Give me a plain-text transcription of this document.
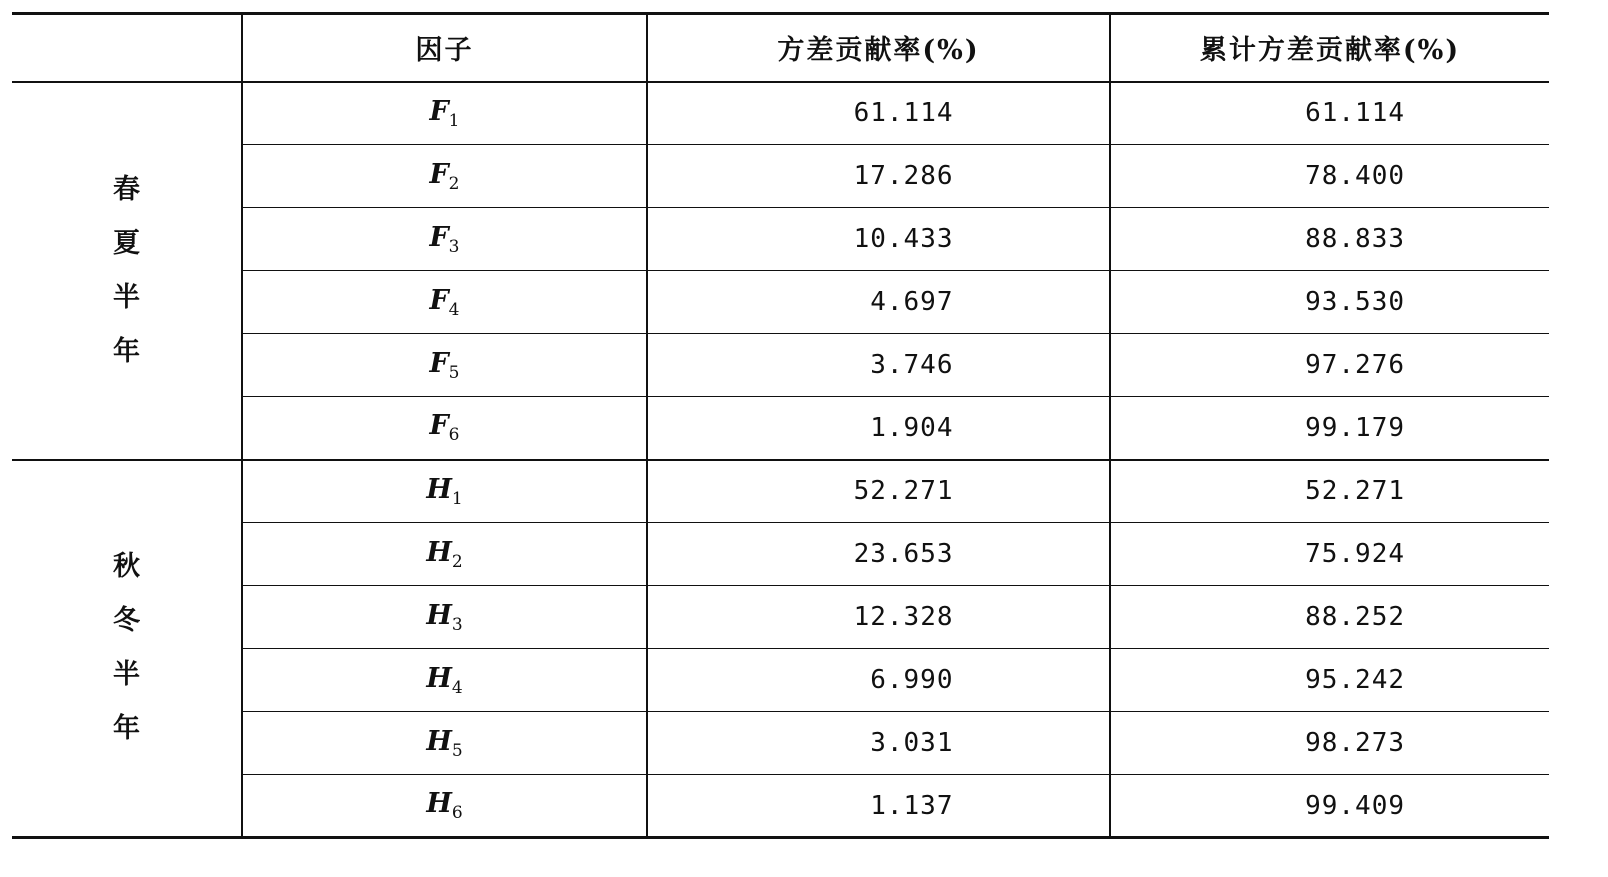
	因子	方差贡献率(%)	累计方差贡献率(%)

春
夏
半
年	$F_1$	61.114	61.114
	$F_2$	17.286	78.400
	$F_3$	10.433	88.833
	$F_4$	4.697	93.530
	$F_5$	3.746	97.276
	$F_6$	1.904	99.179

秋
冬
半
年	$H_1$	52.271	52.271
	$H_2$	23.653	75.924
	$H_3$	12.328	88.252
	$H_4$	6.990	95.242
	$H_5$	3.031	98.273
	$H_6$	1.137	99.409
